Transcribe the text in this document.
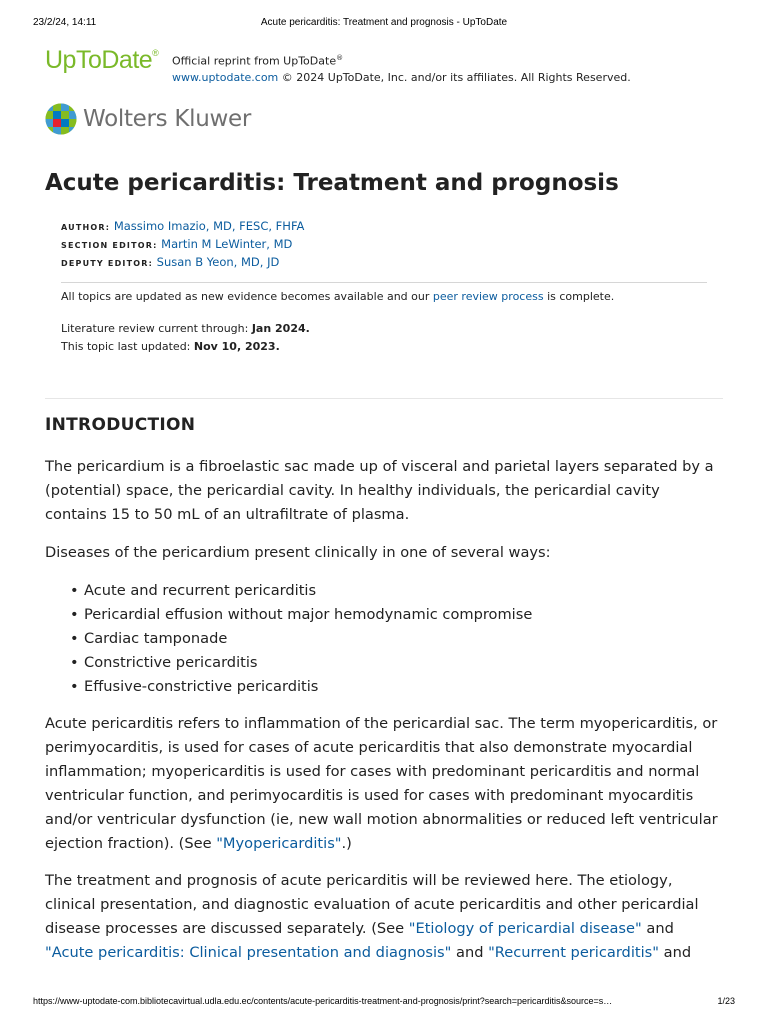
23/2/24, 14:11	Acute pericarditis: Treatment and prognosis - UpToDate
UpToDate®
Official reprint from UpToDate®
www.uptodate.com © 2024 UpToDate, Inc. and/or its affiliates. All Rights Reserved.
Wolters Kluwer
Acute pericarditis: Treatment and prognosis
AUTHOR: Massimo Imazio, MD, FESC, FHFA
SECTION EDITOR: Martin M LeWinter, MD
DEPUTY EDITOR: Susan B Yeon, MD, JD
All topics are updated as new evidence becomes available and our peer review process is complete.
Literature review current through: Jan 2024.
This topic last updated: Nov 10, 2023.
INTRODUCTION

The pericardium is a fibroelastic sac made up of visceral and parietal layers separated by a (potential) space, the pericardial cavity. In healthy individuals, the pericardial cavity contains 15 to 50 mL of an ultrafiltrate of plasma.

Diseases of the pericardium present clinically in one of several ways:

• Acute and recurrent pericarditis
• Pericardial effusion without major hemodynamic compromise
• Cardiac tamponade
• Constrictive pericarditis
• Effusive-constrictive pericarditis

Acute pericarditis refers to inflammation of the pericardial sac. The term myopericarditis, or perimyocarditis, is used for cases of acute pericarditis that also demonstrate myocardial inflammation; myopericarditis is used for cases with predominant pericarditis and normal ventricular function, and perimyocarditis is used for cases with predominant myocarditis and/or ventricular dysfunction (ie, new wall motion abnormalities or reduced left ventricular ejection fraction). (See "Myopericarditis".)

The treatment and prognosis of acute pericarditis will be reviewed here. The etiology, clinical presentation, and diagnostic evaluation of acute pericarditis and other pericardial disease processes are discussed separately. (See "Etiology of pericardial disease" and "Acute pericarditis: Clinical presentation and diagnosis" and "Recurrent pericarditis" and

https://www-uptodate-com.bibliotecavirtual.udla.edu.ec/contents/acute-pericarditis-treatment-and-prognosis/print?search=pericarditis&source=s…	1/23
